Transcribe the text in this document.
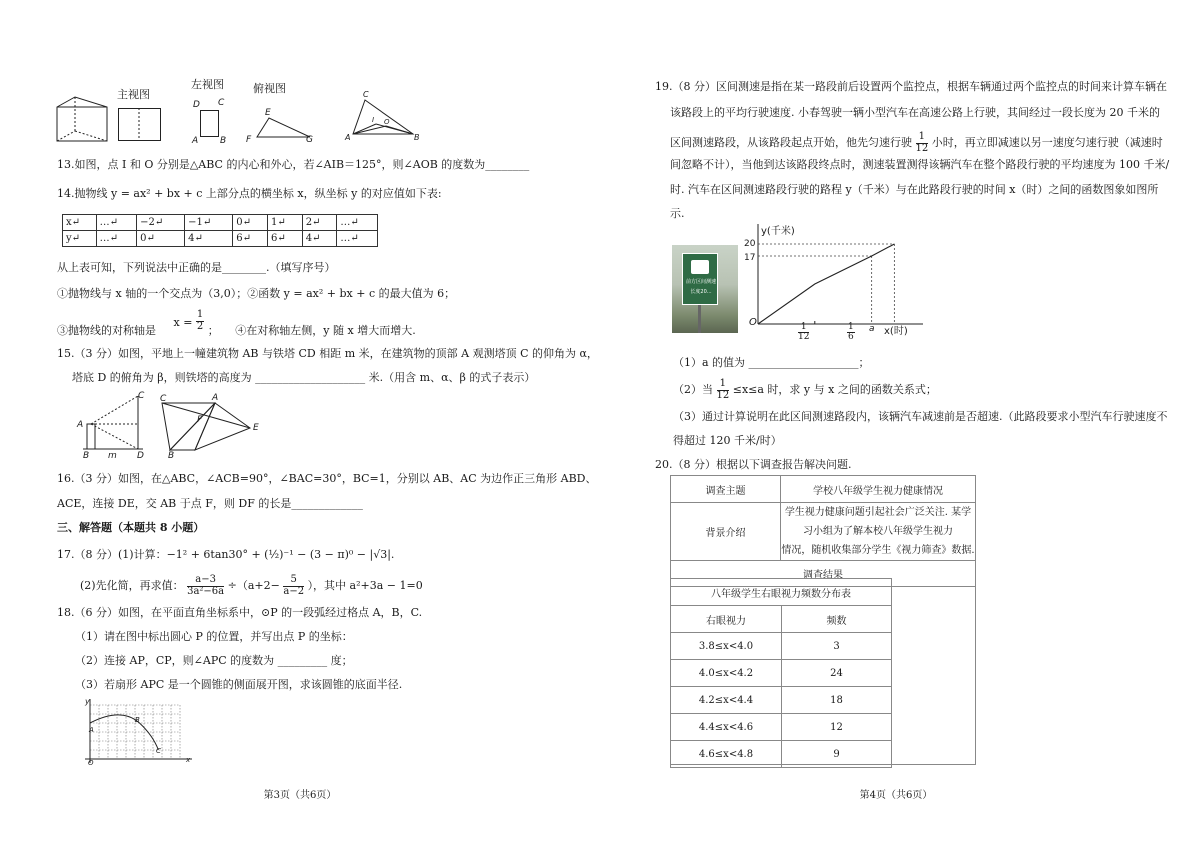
主视图
左视图
D C
A B
俯视图
E
F	G
C
I O
A	B
13.如图，点 I 和 O 分别是△ABC 的内心和外心，若∠AIB＝125°，则∠AOB 的度数为________
14.抛物线 y = ax² + bx + c 上部分点的横坐标 x，纵坐标 y 的对应值如下表:
x↵	…↵	−2↵	−1↵	0↵	1↵	2↵	…↵
y↵	…↵	0↵	4↵	6↵	6↵	4↵	…↵
从上表可知，下列说法中正确的是________.（填写序号）
①抛物线与 x 轴的一个交点为（3,0）；②函数 y = ax² + bx + c 的最大值为 6；
③抛物线的对称轴是 $x = \frac{1}{2}$ ；　　④在对称轴左侧，y 随 x 增大而增大.
15.（3 分）如图，平地上一幢建筑物 AB 与铁塔 CD 相距 m 米，在建筑物的顶部 A 观测塔顶 C 的仰角为 α，
塔底 D 的俯角为 β，则铁塔的高度为 ____________________ 米.（用含 m、α、β 的式子表示）
C
A
B m D
C	A
F
E
B
16.（3 分）如图，在△ABC，∠ACB=90°，∠BAC=30°，BC=1，分别以 AB、AC 为边作正三角形 ABD、
ACE，连接 DE，交 AB 于点 F，则 DF 的长是_____________
三、解答题（本题共 8 小题）
17.（8 分）(1)计算：−1² + 6tan30° + (½)⁻¹ − (3 − π)⁰ − |√3|.
(2)先化简，再求值： $\frac{a-3}{\text{3a²−6a}} \div(a+2- \frac{5}{a-2}$ ），其中 a²+3a − 1=0
18.（6 分）如图，在平面直角坐标系中，⊙P 的一段弧经过格点 A，B，C.
（1）请在图中标出圆心 P 的位置，并写出点 P 的坐标：
（2）连接 AP，CP，则∠APC 的度数为 _________ 度；
（3）若扇形 APC 是一个圆锥的侧面展开图，求该圆锥的底面半径.
y
A
B
C
O	x
第3页（共6页）
19.（8 分）区间测速是指在某一路段前后设置两个监控点，根据车辆通过两个监控点的时间来计算车辆在
该路段上的平均行驶速度. 小春驾驶一辆小型汽车在高速公路上行驶，其间经过一段长度为 20 千米的
区间测速路段，从该路段起点开始，他先匀速行驶 $\frac{1}{12}$ 小时，再立即减速以另一速度匀速行驶（减速时
间忽略不计），当他到达该路段终点时，测速装置测得该辆汽车在整个路段行驶的平均速度为 100 千米/
时. 汽车在区间测速路段行驶的路程 y（千米）与在此路段行驶的时间 x（时）之间的函数图象如图所
示.
前方区间测速
长度20...
y(千米)
20
17
O
x(时)
$\frac{1}{12}$	$\frac{1}{6}$ a
（1）a 的值为 ____________________；
（2）当 $\frac{1}{12} \le x\le a$ 时，求 y 与 x 之间的函数关系式；
（3）通过计算说明在此区间测速路段内，该辆汽车减速前是否超速.（此路段要求小型汽车行驶速度不
得超过 120 千米/时）
20.（8 分）根据以下调查报告解决问题.
调查主题	学校八年级学生视力健康情况
背景介绍	学生视力健康问题引起社会广泛关注. 某学习小组为了解本校八年级学生视力
情况，随机收集部分学生《视力筛查》数据.

调查结果	
八年级学生右眼视力频数分布表	
右眼视力	频数
3.8≤x<4.0	3
4.0≤x<4.2	24
4.2≤x<4.4	18
4.4≤x<4.6	12
4.6≤x<4.8	9
第4页（共6页）
